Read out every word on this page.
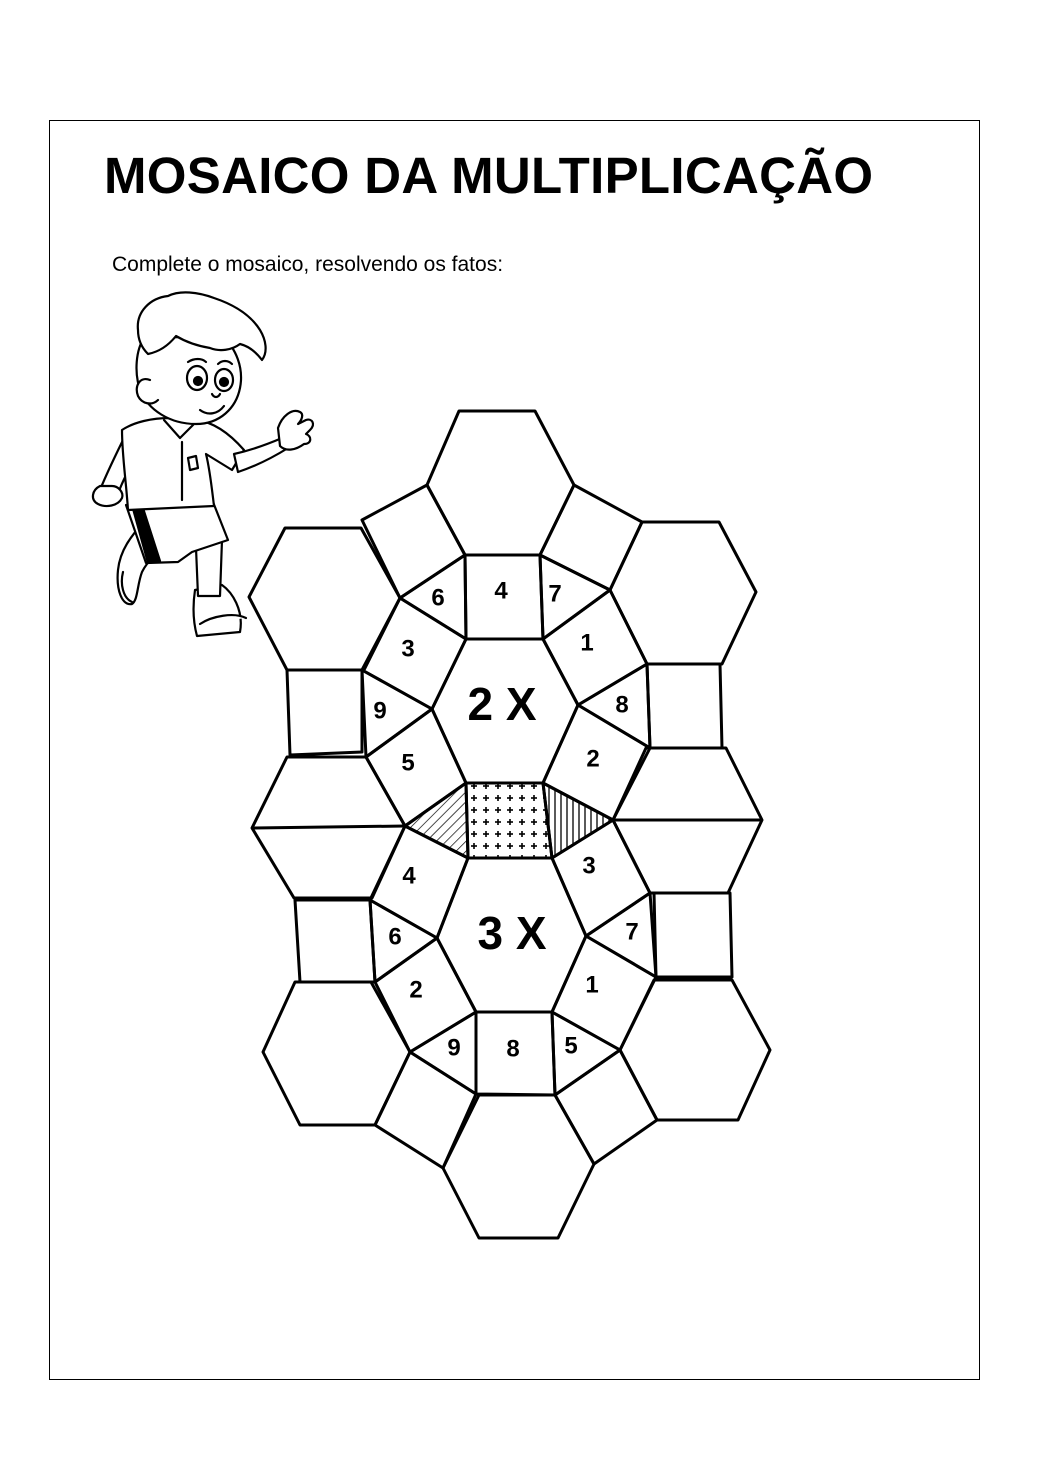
MOSAICO DA MULTIPLICAÇÃO

Complete o mosaico, resolvendo os fatos:

2 X
6 4 7
3	1
9	8
5	2
3 X
4	3
6	7
2	1
9 8 5
